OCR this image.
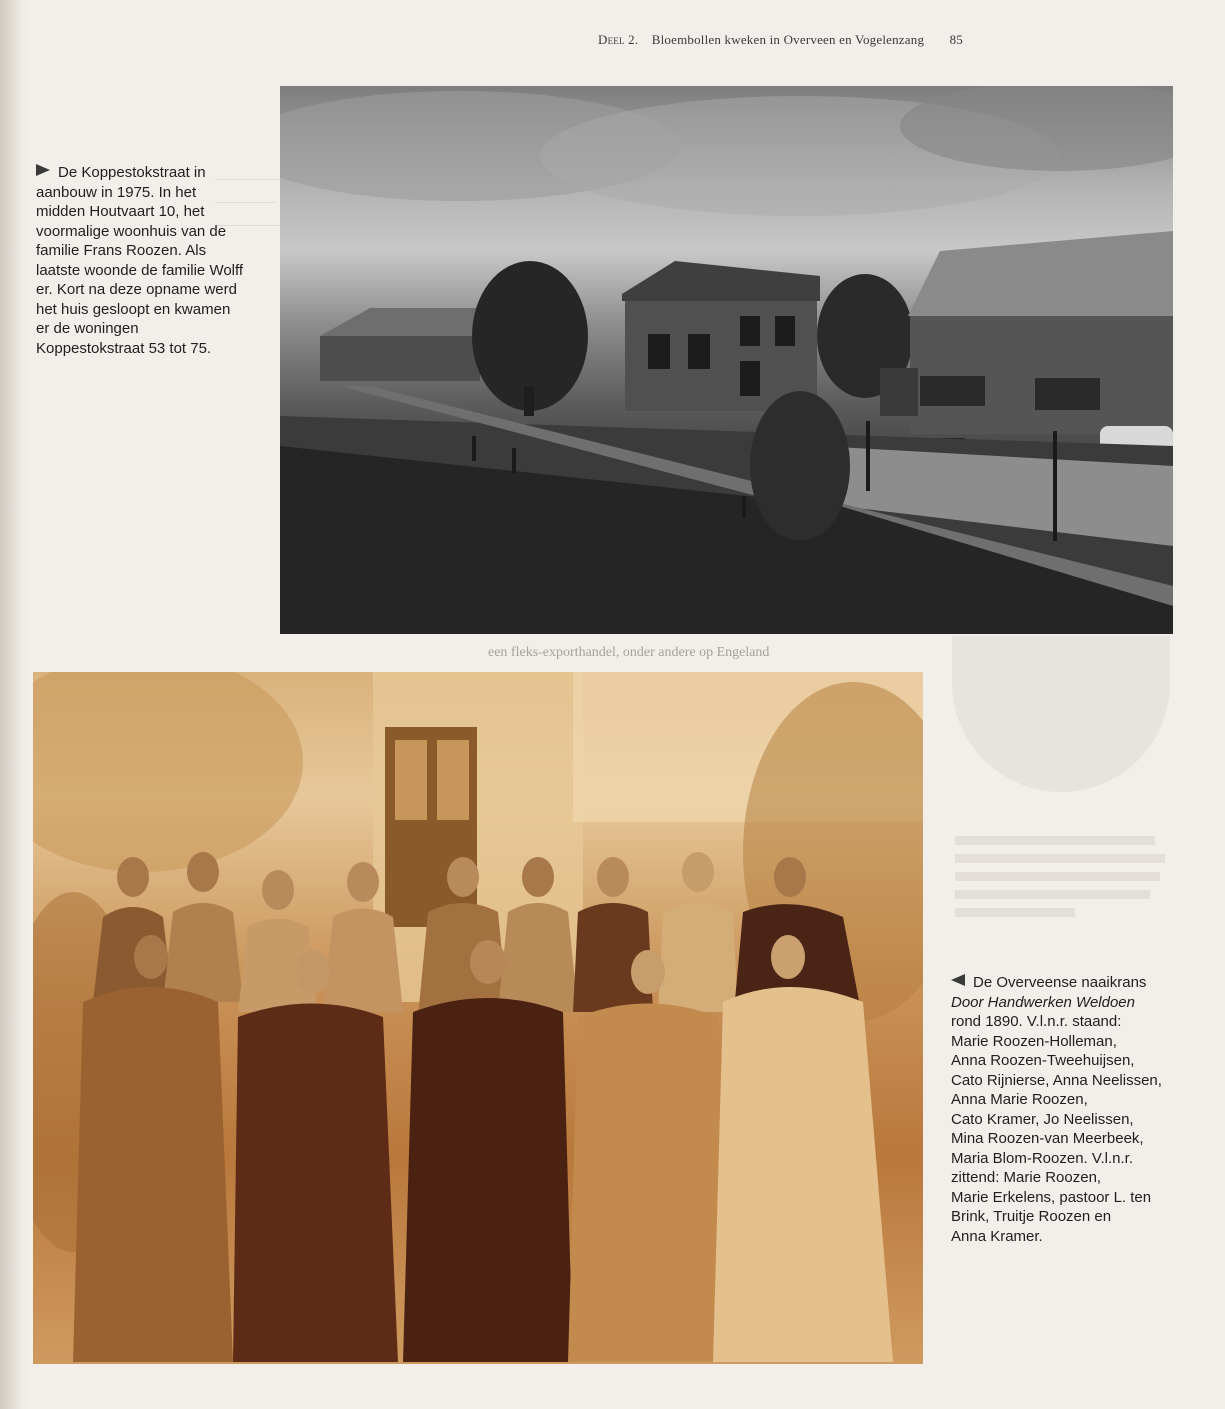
Deel 2. Bloembollen kweken in Overveen en Vogelenzang 85
een fleks-exporthandel, onder andere op Engeland

De Koppestokstraat in

aanbouw in 1975. In het

midden Houtvaart 10, het

voormalige woonhuis van de

familie Frans Roozen. Als

laatste woonde de familie Wolff

er. Kort na deze opname werd

het huis gesloopt en kwamen

er de woningen

Koppestokstraat 53 tot 75.

De Overveense naaikrans

Door Handwerken Weldoen

rond 1890. V.l.n.r. staand:

Marie Roozen-Holleman,

Anna Roozen-Tweehuijsen,

Cato Rijnierse, Anna Neelissen,

Anna Marie Roozen,

Cato Kramer, Jo Neelissen,

Mina Roozen-van Meerbeek,

Maria Blom-Roozen. V.l.n.r.

zittend: Marie Roozen,

Marie Erkelens, pastoor L. ten

Brink, Truitje Roozen en

Anna Kramer.
